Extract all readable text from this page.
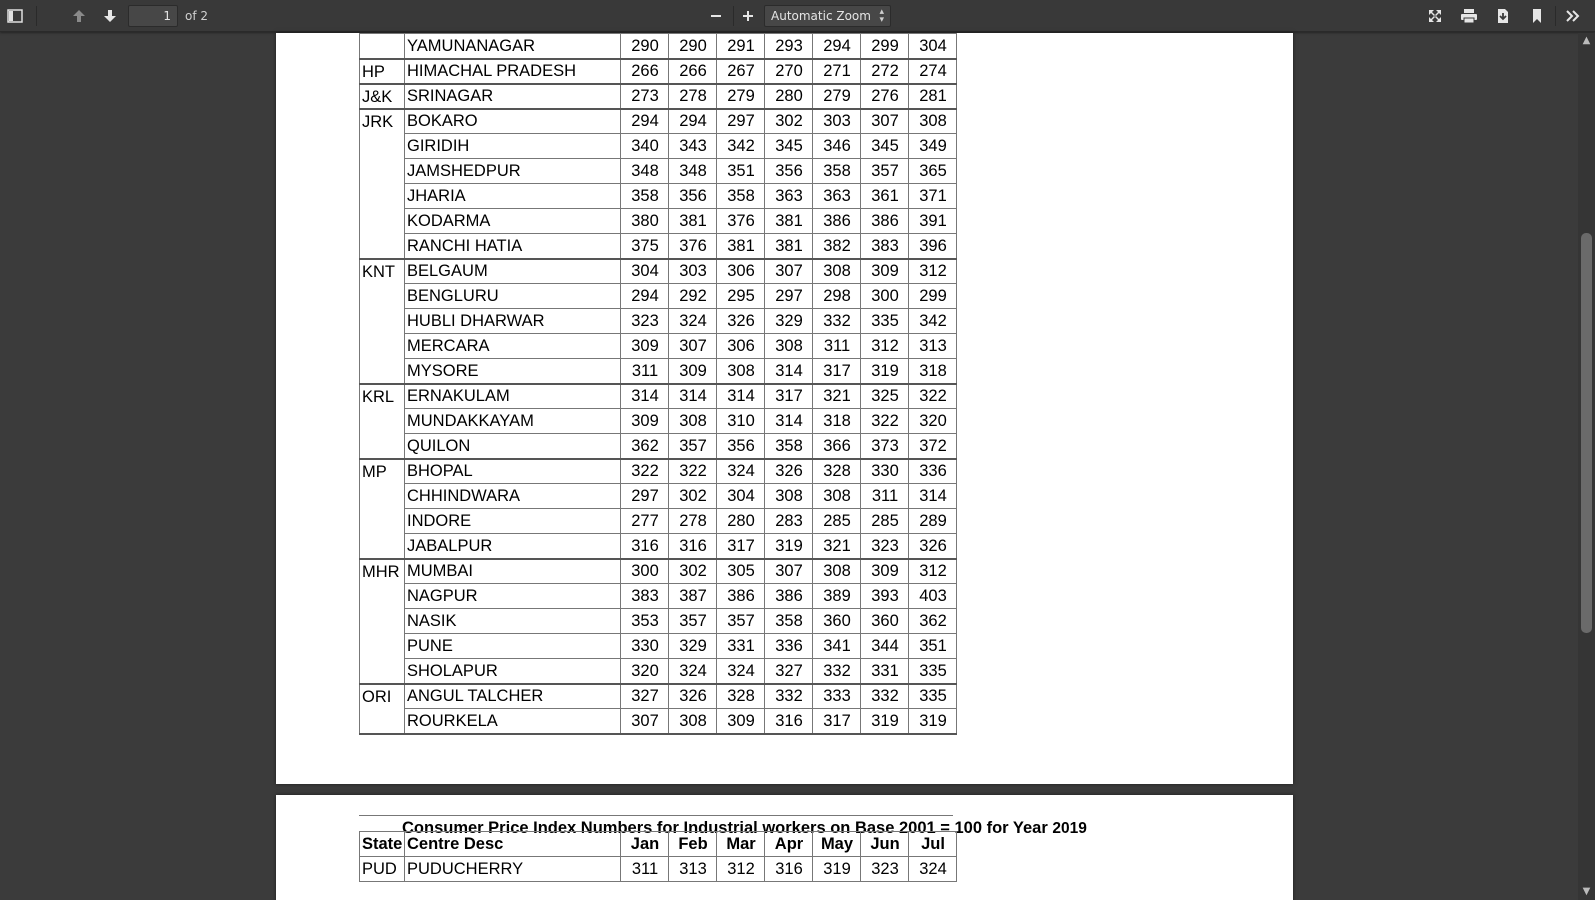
1
of 2	Automatic Zoom ▴
▾
	YAMUNANAGAR	290	290	291	293	294	299	304
HP	HIMACHAL PRADESH	266	266	267	270	271	272	274
J&K	SRINAGAR	273	278	279	280	279	276	281
JRK	BOKARO	294	294	297	302	303	307	308
	GIRIDIH	340	343	342	345	346	345	349
	JAMSHEDPUR	348	348	351	356	358	357	365
	JHARIA	358	356	358	363	363	361	371
	KODARMA	380	381	376	381	386	386	391
	RANCHI HATIA	375	376	381	381	382	383	396
KNT	BELGAUM	304	303	306	307	308	309	312
	BENGLURU	294	292	295	297	298	300	299
	HUBLI DHARWAR	323	324	326	329	332	335	342
	MERCARA	309	307	306	308	311	312	313
	MYSORE	311	309	308	314	317	319	318
KRL	ERNAKULAM	314	314	314	317	321	325	322
	MUNDAKKAYAM	309	308	310	314	318	322	320
	QUILON	362	357	356	358	366	373	372
MP	BHOPAL	322	322	324	326	328	330	336
	CHHINDWARA	297	302	304	308	308	311	314
	INDORE	277	278	280	283	285	285	289
	JABALPUR	316	316	317	319	321	323	326
MHR	MUMBAI	300	302	305	307	308	309	312
	NAGPUR	383	387	386	386	389	393	403
	NASIK	353	357	357	358	360	360	362
	PUNE	330	329	331	336	341	344	351
	SHOLAPUR	320	324	324	327	332	331	335
ORI	ANGUL TALCHER	327	326	328	332	333	332	335
	ROURKELA	307	308	309	316	317	319	319
Consumer Price Index Numbers for Industrial workers on Base 2001 = 100 for Year 2019
State	Centre Desc	Jan	Feb	Mar	Apr	May	Jun	Jul
PUD	PUDUCHERRY	311	313	312	316	319	323	324
▲
▼
